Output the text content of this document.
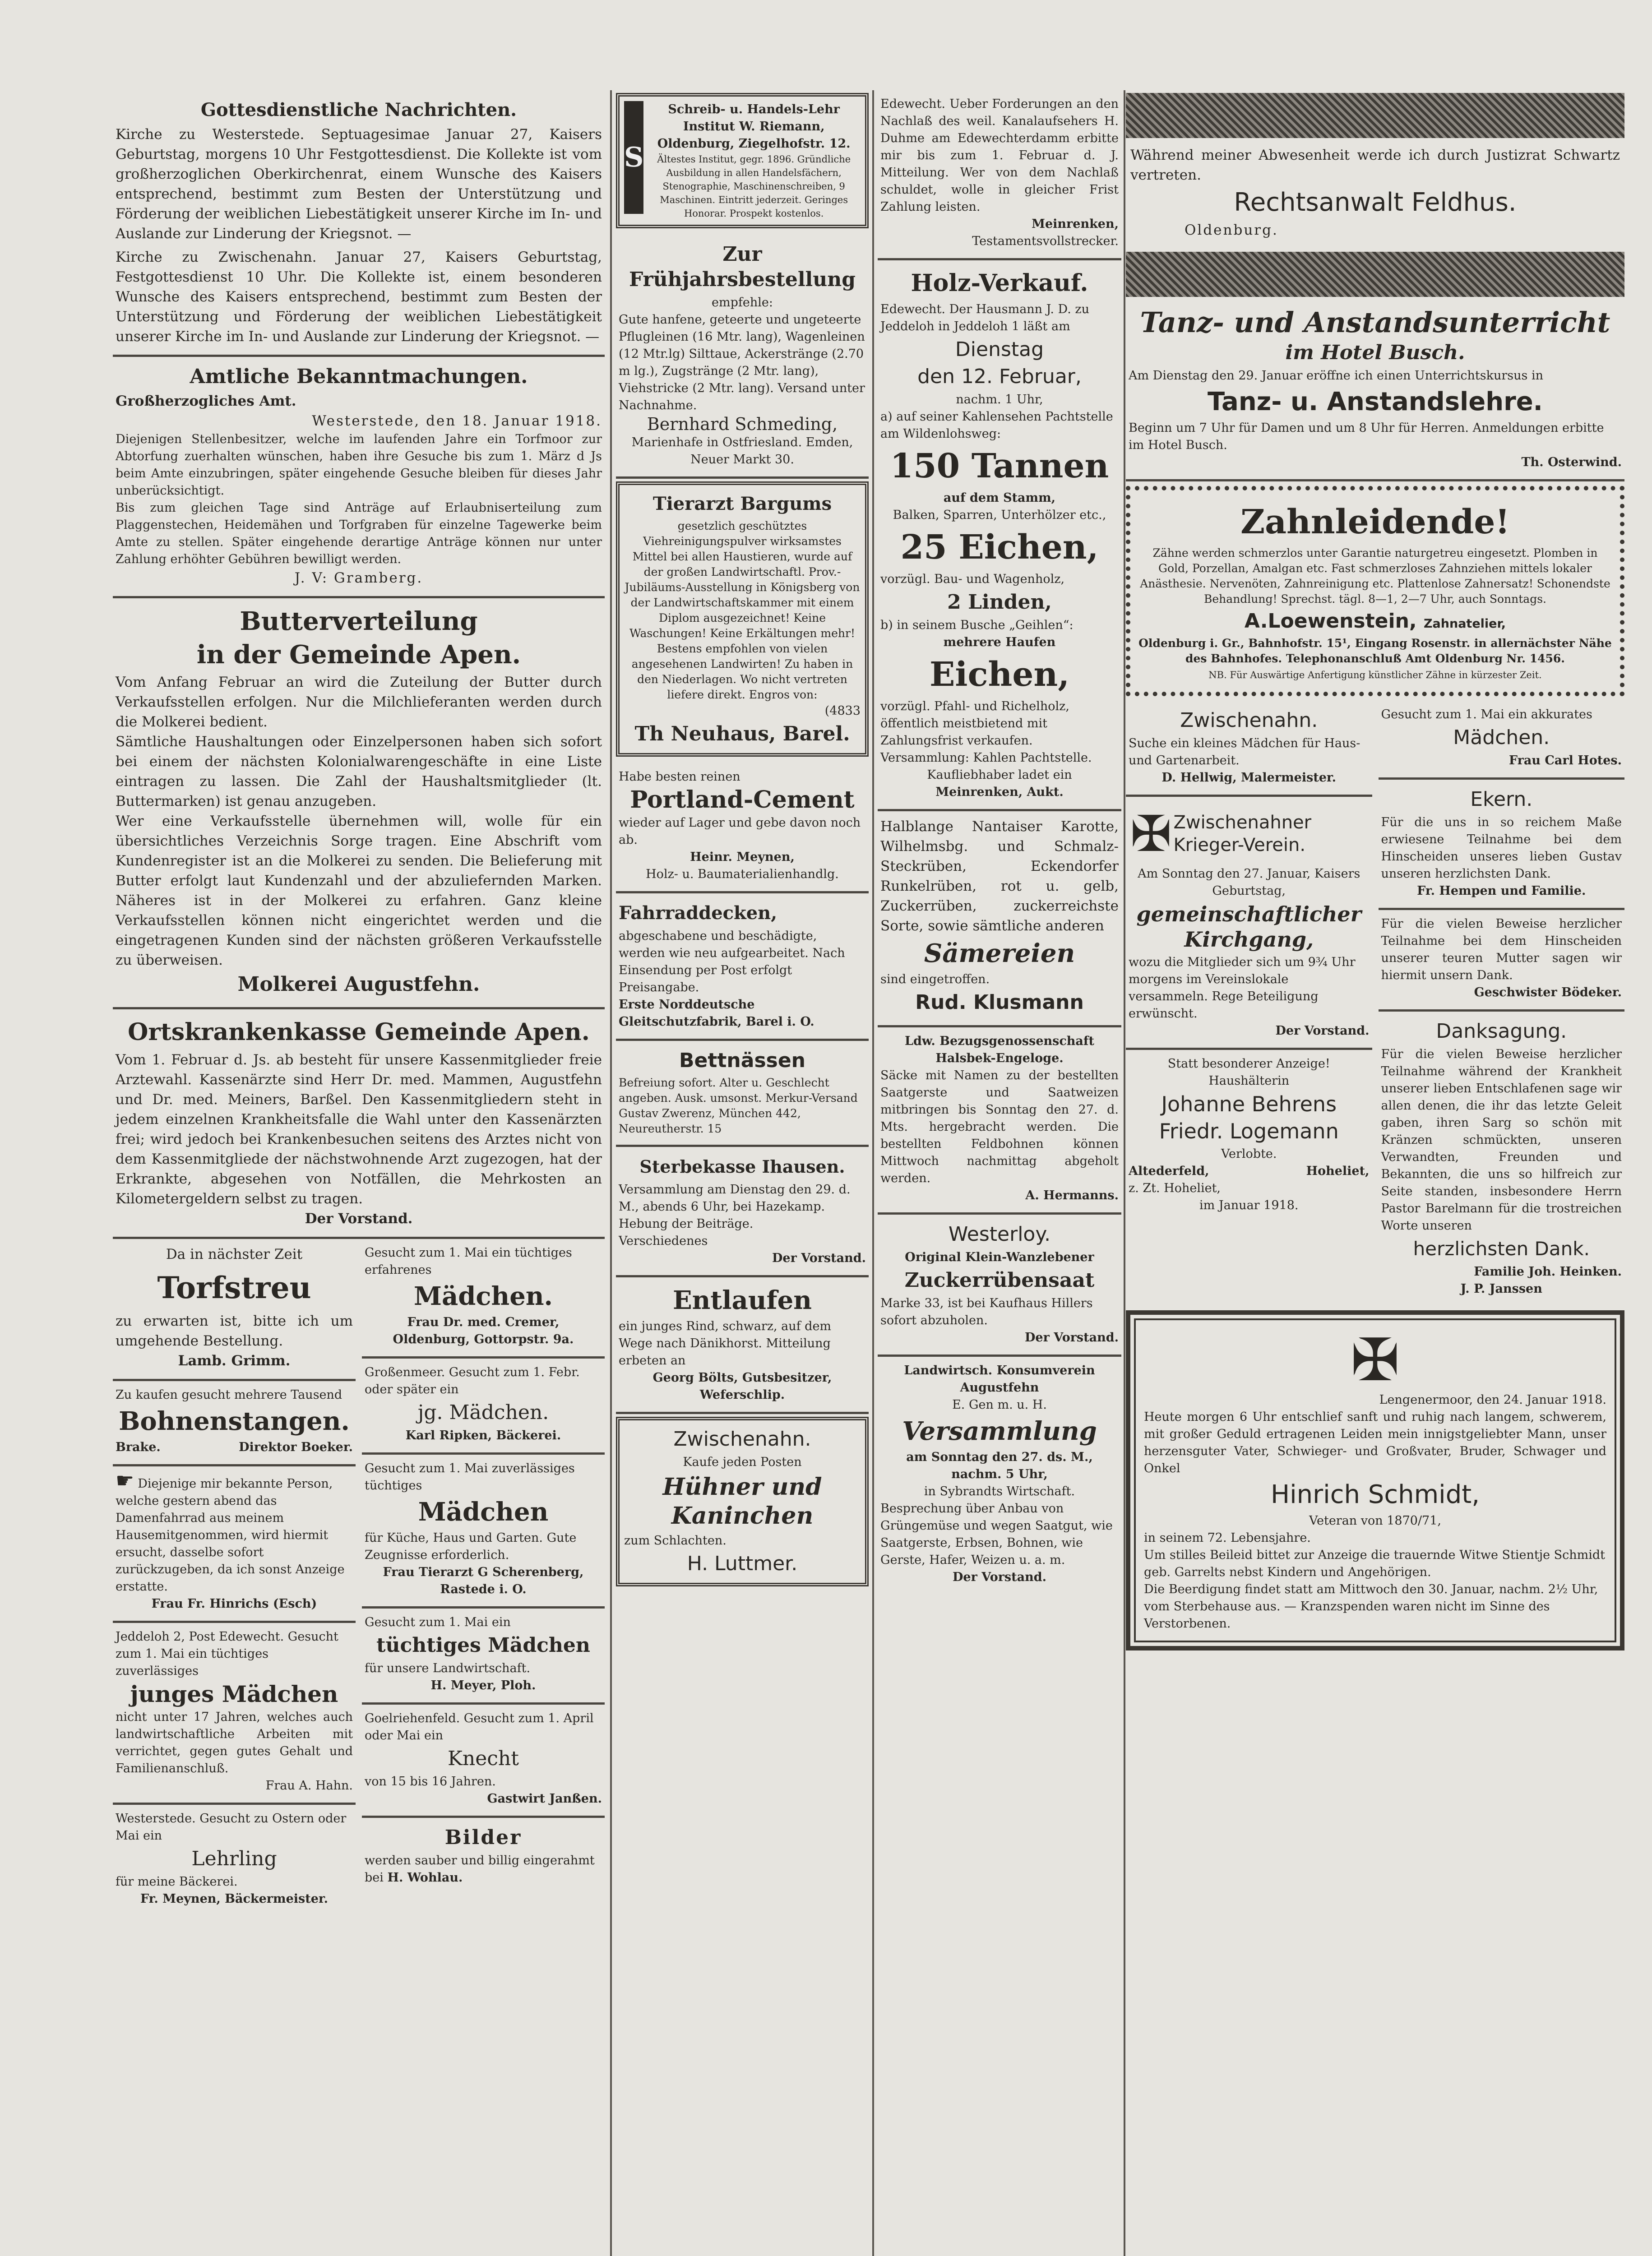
Gottesdienstliche Nachrichten.

Kirche zu Westerstede. Septuagesimae Januar 27, Kaisers Geburtstag, morgens 10 Uhr Festgottesdienst. Die Kollekte ist vom großherzoglichen Oberkirchenrat, einem Wunsche des Kaisers entsprechend, bestimmt zum Besten der Unterstützung und Förderung der weiblichen Liebestätigkeit unserer Kirche im In- und Auslande zur Linderung der Kriegsnot. —

Kirche zu Zwischenahn. Januar 27, Kaisers Geburtstag, Festgottesdienst 10 Uhr. Die Kollekte ist, einem besonderen Wunsche des Kaisers entsprechend, bestimmt zum Besten der Unterstützung und Förderung der weiblichen Liebestätigkeit unserer Kirche im In- und Auslande zur Linderung der Kriegsnot. —

Amtliche Bekanntmachungen.

Großherzogliches Amt.

Westerstede, den 18. Januar 1918.

Diejenigen Stellenbesitzer, welche im laufenden Jahre ein Torfmoor zur Abtorfung zuerhalten wünschen, haben ihre Gesuche bis zum 1. März d Js beim Amte einzubringen, später eingehende Gesuche bleiben für dieses Jahr unberücksichtigt.

Bis zum gleichen Tage sind Anträge auf Erlaubniserteilung zum Plaggenstechen, Heidemähen und Torfgraben für einzelne Tagewerke beim Amte zu stellen. Später eingehende derartige Anträge können nur unter Zahlung erhöhter Gebühren bewilligt werden.

J. V: Gramberg.

Butterverteilung

in der Gemeinde Apen.

Vom Anfang Februar an wird die Zuteilung der Butter durch Verkaufsstellen erfolgen. Nur die Milchlieferanten werden durch die Molkerei bedient.

Sämtliche Haushaltungen oder Einzelpersonen haben sich sofort bei einem der nächsten Kolonialwarengeschäfte in eine Liste eintragen zu lassen. Die Zahl der Haushaltsmitglieder (lt. Buttermarken) ist genau anzugeben.

Wer eine Verkaufsstelle übernehmen will, wolle für ein übersichtliches Verzeichnis Sorge tragen. Eine Abschrift vom Kundenregister ist an die Molkerei zu senden. Die Belieferung mit Butter erfolgt laut Kundenzahl und der abzuliefernden Marken. Näheres ist in der Molkerei zu erfahren. Ganz kleine Verkaufsstellen können nicht eingerichtet werden und die eingetragenen Kunden sind der nächsten größeren Verkaufsstelle zu überweisen.

Molkerei Augustfehn.

Ortskrankenkasse Gemeinde Apen.

Vom 1. Februar d. Js. ab besteht für unsere Kassenmitglieder freie Arztewahl. Kassenärzte sind Herr Dr. med. Mammen, Augustfehn und Dr. med. Meiners, Barßel. Den Kassenmitgliedern steht in jedem einzelnen Krankheitsfalle die Wahl unter den Kassenärzten frei; wird jedoch bei Krankenbesuchen seitens des Arztes nicht von dem Kassenmitgliede der nächstwohnende Arzt zugezogen, hat der Erkrankte, abgesehen von Notfällen, die Mehrkosten an Kilometergeldern selbst zu tragen.

Der Vorstand.

Da in nächster Zeit

Torfstreu

zu erwarten ist, bitte ich um umgehende Bestellung.

Lamb. Grimm.

Zu kaufen gesucht mehrere Tausend

Bohnenstangen.

Brake.	Direktor Boeker.

☛ Diejenige mir bekannte Person, welche gestern abend das Damenfahrrad aus meinem Hausemitgenommen, wird hiermit ersucht, dasselbe sofort zurückzugeben, da ich sonst Anzeige erstatte.

Frau Fr. Hinrichs (Esch)

Jeddeloh 2, Post Edewecht. Gesucht zum 1. Mai ein tüchtiges zuverlässiges

junges Mädchen

nicht unter 17 Jahren, welches auch landwirtschaftliche Arbeiten mit verrichtet, gegen gutes Gehalt und Familienanschluß.

Frau A. Hahn.

Westerstede. Gesucht zu Ostern oder Mai ein

Lehrling

für meine Bäckerei.

Fr. Meynen, Bäckermeister.

Gesucht zum 1. Mai ein tüchtiges erfahrenes

Mädchen.

Frau Dr. med. Cremer,

Oldenburg, Gottorpstr. 9a.

Großenmeer. Gesucht zum 1. Febr. oder später ein

jg. Mädchen.

Karl Ripken, Bäckerei.

Gesucht zum 1. Mai zuverlässiges tüchtiges

Mädchen

für Küche, Haus und Garten. Gute Zeugnisse erforderlich.

Frau Tierarzt G Scherenberg,

Rastede i. O.

Gesucht zum 1. Mai ein

tüchtiges Mädchen

für unsere Landwirtschaft.

H. Meyer, Ploh.

Goelriehenfeld. Gesucht zum 1. April oder Mai ein

Knecht

von 15 bis 16 Jahren.

Gastwirt Janßen.

Bilder

werden sauber und billig eingerahmt bei H. Wohlau.

S

Schreib- u. Handels-Lehr Institut W. Riemann,

Oldenburg, Ziegelhofstr. 12.

Ältestes Institut, gegr. 1896. Gründliche Ausbildung in allen Handelsfächern, Stenographie, Maschinenschreiben, 9 Maschinen. Eintritt jederzeit. Geringes Honorar. Prospekt kostenlos.

Zur Frühjahrsbestellung

empfehle:

Gute hanfene, geteerte und ungeteerte Pflugleinen (16 Mtr. lang), Wagenleinen (12 Mtr.lg) Silttaue, Ackerstränge (2.70 m lg.), Zugstränge (2 Mtr. lang), Viehstricke (2 Mtr. lang). Versand unter Nachnahme.

Bernhard Schmeding,

Marienhafe in Ostfriesland. Emden, Neuer Markt 30.

Tierarzt Bargums

gesetzlich geschütztes Viehreinigungspulver wirksamstes Mittel bei allen Haustieren, wurde auf der großen Landwirtschaftl. Prov.-Jubiläums-Ausstellung in Königsberg von der Landwirtschaftskammer mit einem Diplom ausgezeichnet! Keine Waschungen! Keine Erkältungen mehr! Bestens empfohlen von vielen angesehenen Landwirten! Zu haben in den Niederlagen. Wo nicht vertreten liefere direkt. Engros von:

(4833

Th Neuhaus, Barel.

Habe besten reinen

Portland-Cement

wieder auf Lager und gebe davon noch ab.

Heinr. Meynen,

Holz- u. Baumaterialienhandlg.

Fahrraddecken,

abgeschabene und beschädigte, werden wie neu aufgearbeitet. Nach Einsendung per Post erfolgt Preisangabe.

Erste Norddeutsche Gleitschutzfabrik, Barel i. O.

Bettnässen

Befreiung sofort. Alter u. Geschlecht angeben. Ausk. umsonst. Merkur-Versand Gustav Zwerenz, München 442, Neureutherstr. 15

Sterbekasse Ihausen.

Versammlung am Dienstag den 29. d. M., abends 6 Uhr, bei Hazekamp.

Hebung der Beiträge.

Verschiedenes

Der Vorstand.

Entlaufen

ein junges Rind, schwarz, auf dem Wege nach Dänikhorst. Mitteilung erbeten an

Georg Bölts, Gutsbesitzer,

Weferschlip.

Zwischenahn.

Kaufe jeden Posten

Hühner und Kaninchen

zum Schlachten.

H. Luttmer.

Edewecht. Ueber Forderungen an den Nachlaß des weil. Kanalaufsehers H. Duhme am Edewechterdamm erbitte mir bis zum 1. Februar d. J. Mitteilung. Wer von dem Nachlaß schuldet, wolle in gleicher Frist Zahlung leisten.

Meinrenken,

Testamentsvollstrecker.

Holz-Verkauf.

Edewecht. Der Hausmann J. D. zu Jeddeloh in Jeddeloh 1 läßt am

Dienstag

den 12. Februar,

nachm. 1 Uhr,

a) auf seiner Kahlensehen Pachtstelle am Wildenlohsweg:

150 Tannen

auf dem Stamm,

Balken, Sparren, Unterhölzer etc.,

25 Eichen,

vorzügl. Bau- und Wagenholz,

2 Linden,

b) in seinem Busche „Geihlen“:

mehrere Haufen

Eichen,

vorzügl. Pfahl- und Richelholz, öffentlich meistbietend mit Zahlungsfrist verkaufen.

Versammlung: Kahlen Pachtstelle.

Kaufliebhaber ladet ein

Meinrenken, Aukt.

Halblange Nantaiser Karotte, Wilhelmsbg. und Schmalz-Steckrüben, Eckendorfer Runkelrüben, rot u. gelb, Zuckerrüben, zuckerreichste Sorte, sowie sämtliche anderen

Sämereien

sind eingetroffen.

Rud. Klusmann

Ldw. Bezugsgenossenschaft Halsbek-Engeloge.

Säcke mit Namen zu der bestellten Saatgerste und Saatweizen mitbringen bis Sonntag den 27. d. Mts. hergebracht werden. Die bestellten Feldbohnen können Mittwoch nachmittag abgeholt werden.

A. Hermanns.

Westerloy.

Original Klein-Wanzlebener

Zuckerrübensaat

Marke 33, ist bei Kaufhaus Hillers sofort abzuholen.

Der Vorstand.

Landwirtsch. Konsumverein Augustfehn

E. Gen m. u. H.

Versammlung

am Sonntag den 27. ds. M., nachm. 5 Uhr,

in Sybrandts Wirtschaft.

Besprechung über Anbau von Grüngemüse und wegen Saatgut, wie Saatgerste, Erbsen, Bohnen, wie Gerste, Hafer, Weizen u. a. m.

Der Vorstand.

Während meiner Abwesenheit werde ich durch Justizrat Schwartz vertreten.

Rechtsanwalt Feldhus.

Oldenburg.

Tanz- und Anstandsunterricht

im Hotel Busch.

Am Dienstag den 29. Januar eröffne ich einen Unterrichtskursus in

Tanz- u. Anstandslehre.

Beginn um 7 Uhr für Damen und um 8 Uhr für Herren. Anmeldungen erbitte im Hotel Busch.

Th. Osterwind.

Zahnleidende!

Zähne werden schmerzlos unter Garantie naturgetreu eingesetzt. Plomben in Gold, Porzellan, Amalgan etc. Fast schmerzloses Zahnziehen mittels lokaler Anästhesie. Nervenöten, Zahnreinigung etc. Plattenlose Zahnersatz! Schonendste Behandlung! Sprechst. tägl. 8—1, 2—7 Uhr, auch Sonntags.

A.Loewenstein, Zahnatelier,

Oldenburg i. Gr., Bahnhofstr. 15¹, Eingang Rosenstr. in allernächster Nähe des Bahnhofes. Telephonanschluß Amt Oldenburg Nr. 1456.

NB. Für Auswärtige Anfertigung künstlicher Zähne in kürzester Zeit.

Zwischenahn.

Suche ein kleines Mädchen für Haus- und Gartenarbeit.

D. Hellwig, Malermeister.

✠ Zwischenahner Krieger-Verein.

Am Sonntag den 27. Januar, Kaisers Geburtstag,

gemeinschaftlicher Kirchgang,

wozu die Mitglieder sich um 9¾ Uhr morgens im Vereinslokale versammeln. Rege Beteiligung erwünscht.

Der Vorstand.

Statt besonderer Anzeige!

Haushälterin

Johanne Behrens

Friedr. Logemann

Verlobte.

Altederfeld,	Hoheliet,

z. Zt. Hoheliet,

im Januar 1918.

Gesucht zum 1. Mai ein akkurates

Mädchen.

Frau Carl Hotes.

Ekern.

Für die uns in so reichem Maße erwiesene Teilnahme bei dem Hinscheiden unseres lieben Gustav unseren herzlichsten Dank.

Fr. Hempen und Familie.

Für die vielen Beweise herzlicher Teilnahme bei dem Hinscheiden unserer teuren Mutter sagen wir hiermit unsern Dank.

Geschwister Bödeker.

Danksagung.

Für die vielen Beweise herzlicher Teilnahme während der Krankheit unserer lieben Entschlafenen sage wir allen denen, die ihr das letzte Geleit gaben, ihren Sarg so schön mit Kränzen schmückten, unseren Verwandten, Freunden und Bekannten, die uns so hilfreich zur Seite standen, insbesondere Herrn Pastor Barelmann für die trostreichen Worte unseren

herzlichsten Dank.

Familie Joh. Heinken.

J. P. Janssen

✠

Lengenermoor, den 24. Januar 1918.

Heute morgen 6 Uhr entschlief sanft und ruhig nach langem, schwerem, mit großer Geduld ertragenen Leiden mein innigstgeliebter Mann, unser herzensguter Vater, Schwieger- und Großvater, Bruder, Schwager und Onkel

Hinrich Schmidt,

Veteran von 1870/71,

in seinem 72. Lebensjahre.

Um stilles Beileid bittet zur Anzeige die trauernde Witwe Stientje Schmidt geb. Garrelts nebst Kindern und Angehörigen.

Die Beerdigung findet statt am Mittwoch den 30. Januar, nachm. 2½ Uhr, vom Sterbehause aus. — Kranzspenden waren nicht im Sinne des Verstorbenen.
